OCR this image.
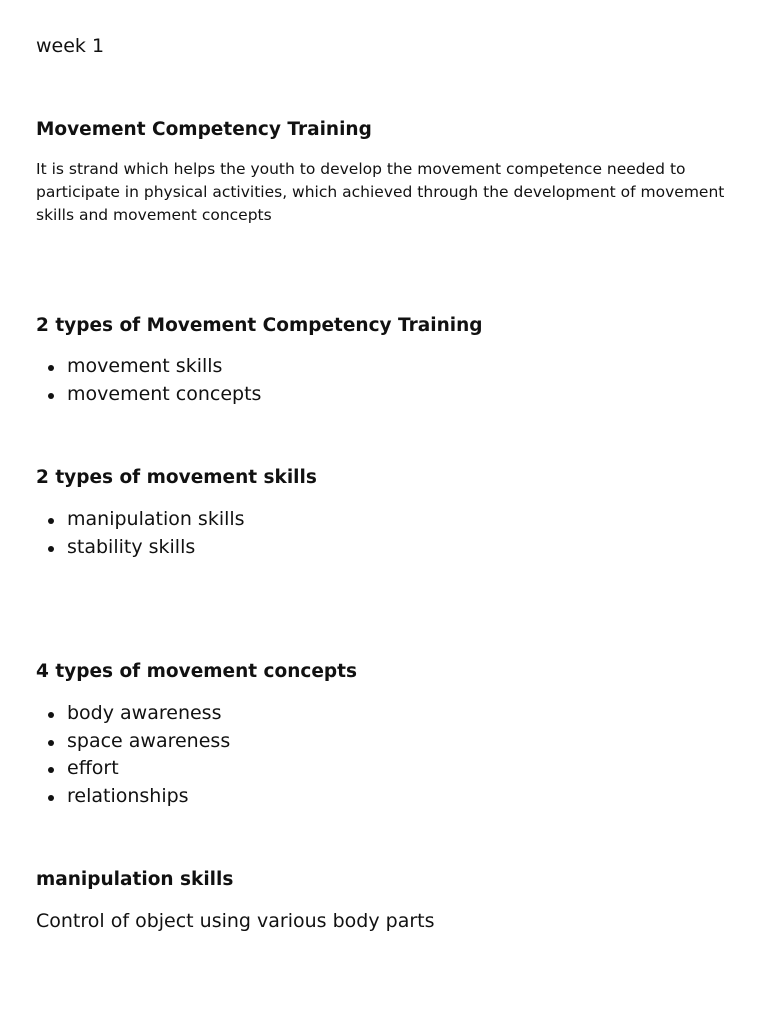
week 1

Movement Competency Training

It is strand which helps the youth to develop the movement competence needed to participate in physical activities, which achieved through the development of movement skills and movement concepts

2 types of Movement Competency Training
movement skills
movement concepts
2 types of movement skills
manipulation skills
stability skills
4 types of movement concepts
body awareness
space awareness
effort
relationships
manipulation skills

Control of object using various body parts
